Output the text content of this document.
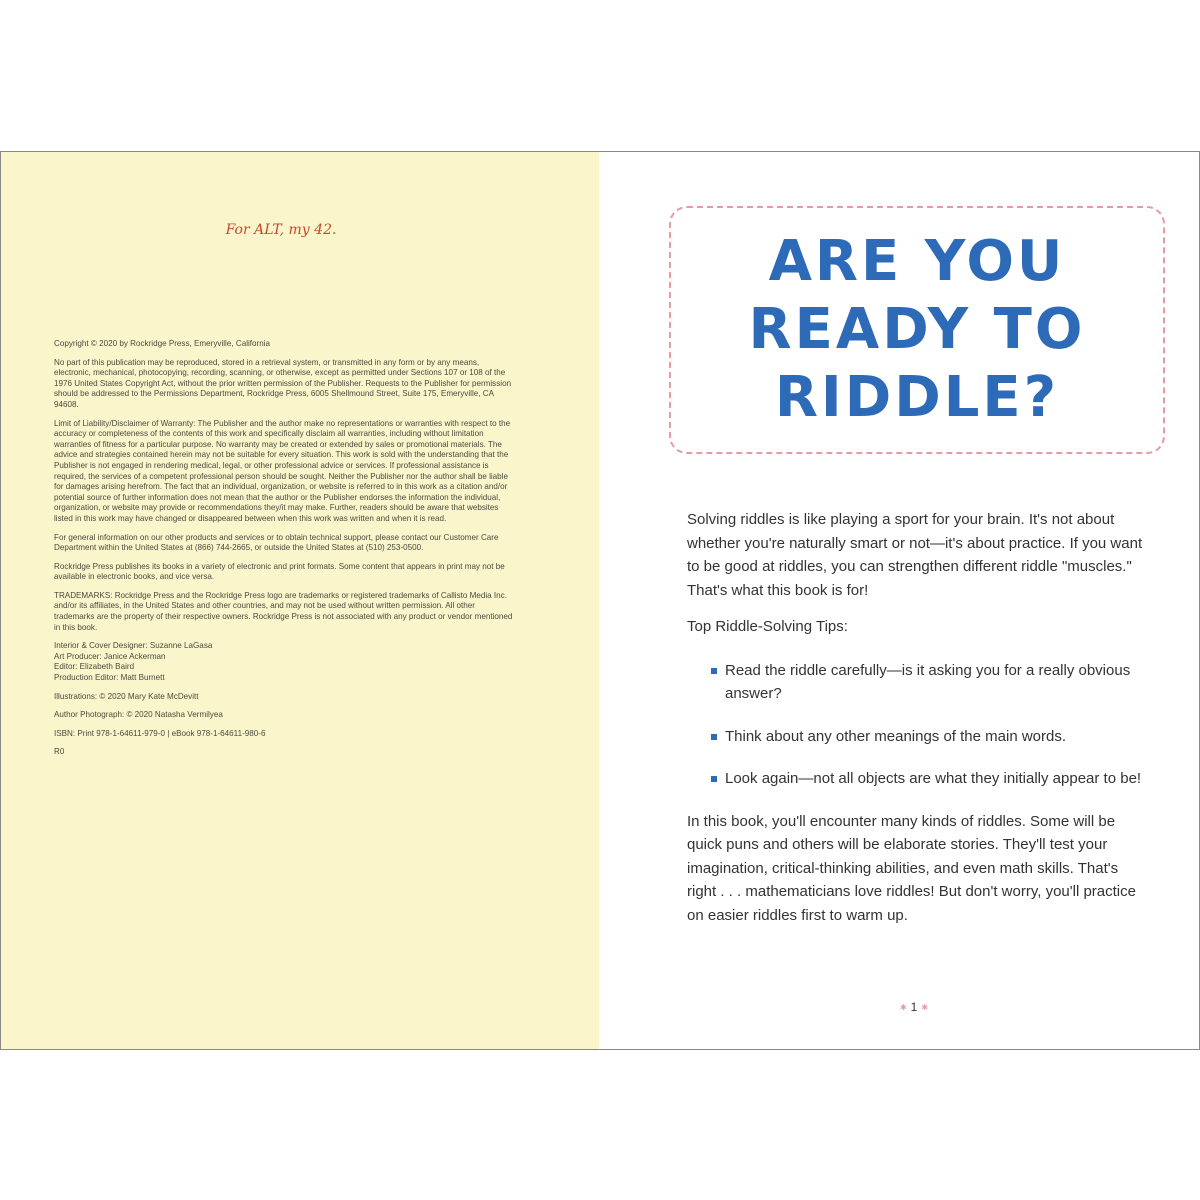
For ALT, my 42.

Copyright © 2020 by Rockridge Press, Emeryville, California

No part of this publication may be reproduced, stored in a retrieval system, or transmitted in any form or by any means, electronic, mechanical, photocopying, recording, scanning, or otherwise, except as permitted under Sections 107 or 108 of the 1976 United States Copyright Act, without the prior written permission of the Publisher. Requests to the Publisher for permission should be addressed to the Permissions Department, Rockridge Press, 6005 Shellmound Street, Suite 175, Emeryville, CA 94608.

Limit of Liability/Disclaimer of Warranty: The Publisher and the author make no representations or warranties with respect to the accuracy or completeness of the contents of this work and specifically disclaim all warranties, including without limitation warranties of fitness for a particular purpose. No warranty may be created or extended by sales or promotional materials. The advice and strategies contained herein may not be suitable for every situation. This work is sold with the understanding that the Publisher is not engaged in rendering medical, legal, or other professional advice or services. If professional assistance is required, the services of a competent professional person should be sought. Neither the Publisher nor the author shall be liable for damages arising herefrom. The fact that an individual, organization, or website is referred to in this work as a citation and/or potential source of further information does not mean that the author or the Publisher endorses the information the individual, organization, or website may provide or recommendations they/it may make. Further, readers should be aware that websites listed in this work may have changed or disappeared between when this work was written and when it is read.

For general information on our other products and services or to obtain technical support, please contact our Customer Care Department within the United States at (866) 744-2665, or outside the United States at (510) 253-0500.

Rockridge Press publishes its books in a variety of electronic and print formats. Some content that appears in print may not be available in electronic books, and vice versa.

TRADEMARKS: Rockridge Press and the Rockridge Press logo are trademarks or registered trademarks of Callisto Media Inc. and/or its affiliates, in the United States and other countries, and may not be used without written permission. All other trademarks are the property of their respective owners. Rockridge Press is not associated with any product or vendor mentioned in this book.

Interior & Cover Designer: Suzanne LaGasa

Art Producer: Janice Ackerman

Editor: Elizabeth Baird

Production Editor: Matt Burnett

Illustrations: © 2020 Mary Kate McDevitt

Author Photograph: © 2020 Natasha Vermilyea

ISBN: Print 978-1-64611-979-0 | eBook 978-1-64611-980-6

R0

ARE YOU
READY TO
RIDDLE?

Solving riddles is like playing a sport for your brain. It's not about whether you're naturally smart or not—it's about practice. If you want to be good at riddles, you can strengthen different riddle "muscles." That's what this book is for!

Top Riddle-Solving Tips:

Read the riddle carefully—is it asking you for a really obvious answer?
Think about any other meanings of the main words.
Look again—not all objects are what they initially appear to be!

In this book, you'll encounter many kinds of riddles. Some will be quick puns and others will be elaborate stories. They'll test your imagination, critical-thinking abilities, and even math skills. That's right . . . mathematicians love riddles! But don't worry, you'll practice on easier riddles first to warm up.

✱ 1 ✱
